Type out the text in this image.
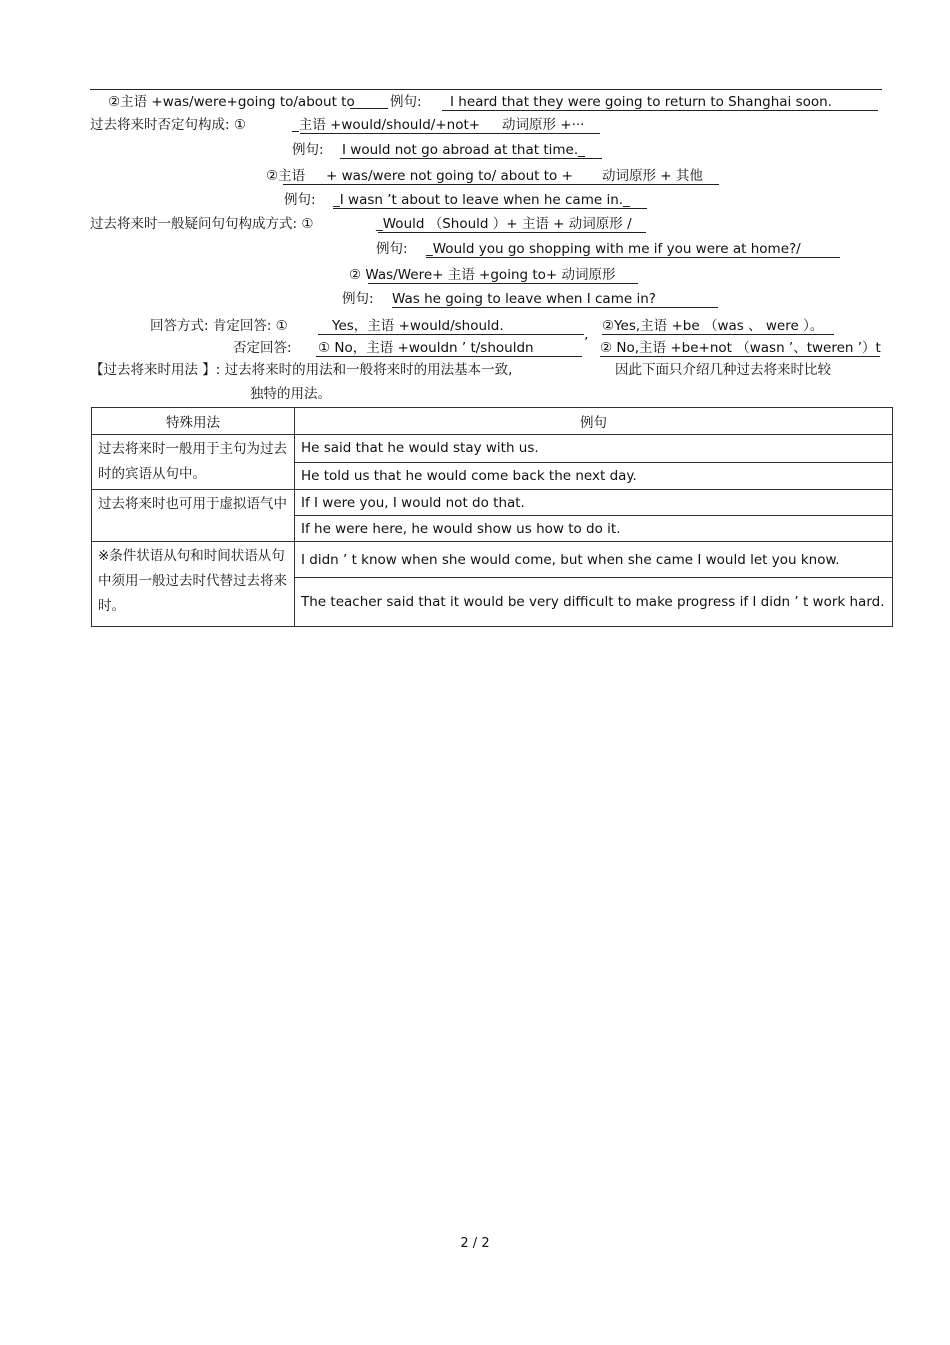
②主语 +was/were+going to/about to	例句: I heard that they were going to return to Shanghai soon.
过去将来时否定句构成: ①	_主语 +would/should/+not+ 动词原形 +···
例句: I would not go abroad at that time._
②主语 + was/were not going to/ about to + 动词原形 + 其他
例句: _I wasn ’t about to leave when he came in._
过去将来时一般疑问句句构成方式: ①	_Would （Should ）+ 主语 + 动词原形 /
例句: _Would you go shopping with me if you were at home?/
② Was/Were+ 主语 +going to+ 动词原形
例句: Was he going to leave when I came in?
回答方式: 肯定回答: ①	Yes，主语 +would/should.	②Yes,主语 +be （was 、 were ）。
否定回答: ① No，主语 +wouldn ’ t/shouldn	’ ② No,主语 +be+not （wasn ’、tweren ’）t
【过去将来时用法 】: 过去将来时的用法和一般将来时的用法基本一致,	因此下面只介绍几种过去将来时比较
独特的用法。
特殊用法	例句
过去将来时一般用于主句为过去时的宾语从句中。	He said that he would stay with us.
	He told us that he would come back the next day.
过去将来时也可用于虚拟语气中	If I were you, I would not do that.
	If he were here, he would show us how to do it.
※条件状语从句和时间状语从句中须用一般过去时代替过去将来时。	I didn ’ t know when she would come, but when she came I would let you know.
	The teacher said that it would be very difficult to make progress if I didn ’ t work hard.
2 / 2
